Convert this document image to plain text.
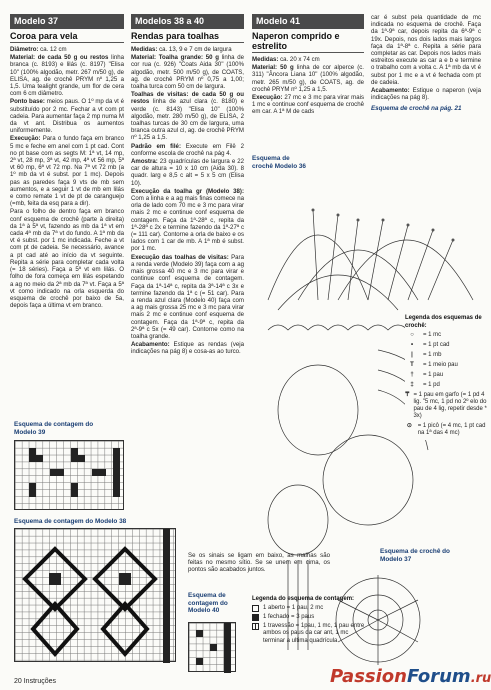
Modelo 37
Coroa para vela

Diâmetro: ca. 12 cm

Material: de cada 50 g ou restos linha branca (c. 8193) e lilás (c. 8197) "Elisa 10" (100% algodão, metr. 267 m/50 g), de ELISA, ag. de crochê PRYM nº 1,25 a 1,5. Uma tealight grande, um flor de cera com 6 cm diâmetro.

Ponto base: meios paus. O 1º mp da vt é substituído por 2 mc. Fechar a vt com pt cadeia. Para aumentar faça 2 mp numa M da vt ant. Distribua os aumentos uniformemente.

Execução: Para o fundo faça em branco 5 mc e feche em anel com 1 pt cad. Cont no pt base com as segts M: 1ª vt, 14 mp, 2ª vt, 28 mp, 3ª vt, 42 mp, 4ª vt 56 mp, 5ª vt 60 mp, 6ª vt 72 mp. Na 7ª vt 72 mb (a 1º mb da vt é subst. por 1 mc). Depois pas as paredes faça 9 vts de mb sem aumentos, e a seguir 1 vt de mb em lilás e como remate 1 vt de pt de caranguejo (=mb, feita da esq para a dir).

Para o folho de dentro faça em branco conf esquema de crochê (parte à direita) da 1ª à 5ª vt, fazendo as mb da 1ª vt em cada 4ª mb da 7ª vt do fundo. A 1ª mb da vt é subst. por 1 mc indicada. Feche a vt com pt de cadeia. Se necessário, avance a pt cad até ao início da vt seguinte. Repita a série para completar cada volta (= 18 séries). Faça a 5ª vt em lilás. O folho de fora começa em lilás espetando a ag no meio da 2ª mb da 7ª vt. Faça a 5ª vt como indicado na orla esquerda do esquema de crochê por baixo de 5a, depois faça a última vt em branco.

Esquema de contagem do Modelo 39
Esquema de contagem do Modelo 38
20 Instruções
Modelos 38 a 40
Rendas para toalhas

Medidas: ca. 13, 9 e 7 cm de largura

Material: Toalha grande: 50 g linha de cor rua (c. 926) "Coats Aida 30" (100% algodão, metr. 500 m/50 g), de COATS, ag. de crochê PRYM nº 0,75 a 1,00; toalha turca com 50 cm de largura.

Toalhas de visitas: de cada 50 g ou restos linha de azul clara (c. 8180) e verde (c. 8143) "Elisa 10" (100% algodão, metr. 280 m/50 g), de ELISA, 2 toalhas turcas de 30 cm de largura, uma branca outra azul cl, ag. de crochê PRYM nº 1,25 a 1,5.

Padrão em filé: Execute em Filê 2 conforme escola de crochê na pág 4.

Amostra: 23 quadrículas de largura e 22 car de altura = 10 x 10 cm (Aida 30). 8 quadr. larg e 8,5 c alt = 5 x 5 cm (Elisa 10).

Execução da toalha gr (Modelo 38): Com a linha e a ag mais finas comece na orla de lado com 70 mc e 3 mc para virar mais 2 mc e continue conf esquema de contagem. Faça da 1ª-28ª c, repita da 1ª-28ª c 2x e termine fazendo da 1ª-27ª c (= 111 car). Contorne a orla de baixo e os lados com 1 car de mb. A 1ª mb é subst. por 1 mc.

Execução das toalhas de visitas: Para a renda verde (Modelo 39) faça com a ag mais grossa 40 mc e 3 mc para virar e continue conf esquema de contagem. Faça da 1ª-14ª c, repita da 3ª-14ª c 3x e termine fazendo da 1ª c (= 51 car). Para a renda azul clara (Modelo 40) faça com a ag mais grossa 25 mc e 3 mc para virar mais 2 mc e continue conf esquema de contagem. Faça da 1ª-9ª c, repita da 2ª-9ª c 5x (= 49 car). Contorne como na toalha grande.

Acabamento: Estique as rendas (veja indicações na pág 8) e cosa-as ao turco.

Se os sinais se ligam em baixo, as malhas são feitas no mesmo sítio. Se se unem em cima, os pontos são acabados juntos.
Esquema de contagem do Modelo 40
Legenda do esquema de contagem:
1 aberto = 1 pau, 2 mc
1 fechado = 3 paus
1 travessão = 1pau, 1 mc, 1 pau entre ambos os paus da car ant, 1 mc
terminar a ultima quadrícula
Modelo 41
Naperon comprido e estrelito

Medidas: ca. 20 x 74 cm

Material: 50 g linha de cor alperce (c. 311) "Âncora Liana 10" (100% algodão, metr. 265 m/50 g), de COATS, ag. de crochê PRYM nº 1,25 a 1,5.

Execução: 27 mc e 3 mc para virar mais 1 mc e continue conf esquema de crochê em car. A 1ª M de cads

car é subst pela quantidade de mc indicada no esquema de crochê. Faça da 1ª-9ª car, depois repita da 6ª-9ª c 19x. Depois, nos dois lados mais largos faça da 1ª-8ª c. Repita a série para completar as car. Depois nos lados mais estreitos execute as car a e b e termine o trabalho com a volta c. A 1ª mb da vt é subst por 1 mc e a vt é fechada com pt de cadeia.

Acabamento: Estique o naperon (veja indicações na pág 8).

Esquema de crochê na pág. 21
Esquema de crochê Modelo 36
Legenda dos esquemas de crochê:
○	= 1 mc
•	= 1 pt cad
|	= 1 mb
T	= 1 meio pau
†	= 1 pau
‡	= 1 pd
₸ = 1 pau em garfo (= 1 pd 4 lig. "5 mc, 1 pd no 2º elo do pau de 4 lig, repetir desde * 3x)
⊙ = 1 picô (= 4 mc, 1 pt cad na 1ª das 4 mc)
Esquema de crochê do Modelo 37
PassionForum.ru
